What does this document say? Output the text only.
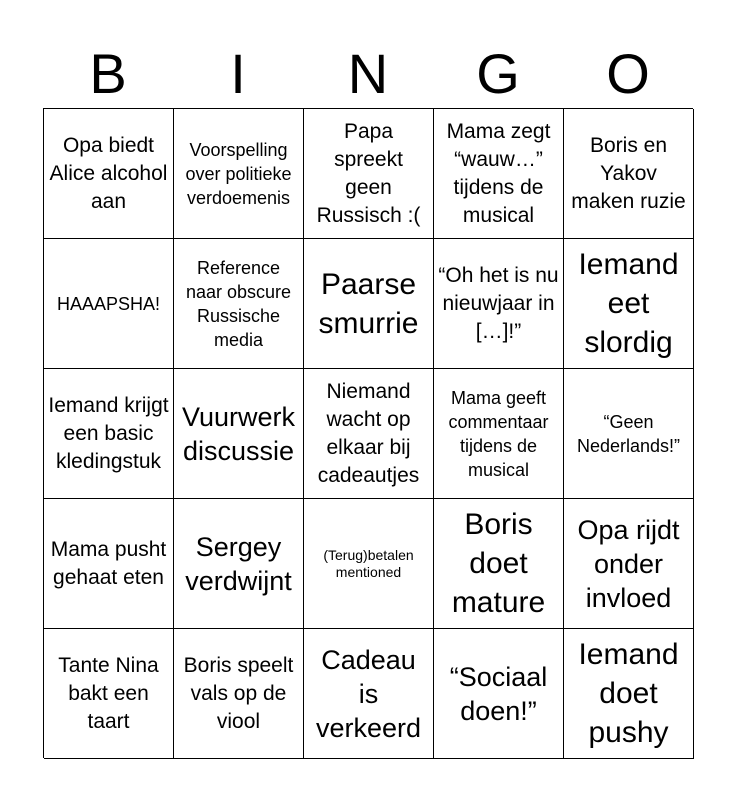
B	I	N	G	O
Opa biedt Alice alcohol aan
Voorspelling over politieke verdoemenis
Papa spreekt geen Russisch :(
Mama zegt “wauw…” tijdens de musical
Boris en Yakov maken ruzie
HAAAPSHA!
Reference naar obscure Russische media
Paarse smurrie
“Oh het is nu nieuwjaar in […]!”
Iemand eet slordig
Iemand krijgt een basic kledingstuk
Vuurwerk discussie
Niemand wacht op elkaar bij cadeautjes
Mama geeft commentaar tijdens de musical
“Geen Nederlands!”
Mama pusht gehaat eten
Sergey verdwijnt
(Terug)betalen mentioned
Boris doet mature
Opa rijdt onder invloed
Tante Nina bakt een taart
Boris speelt vals op de viool
Cadeau is verkeerd
“Sociaal doen!”
Iemand doet pushy
